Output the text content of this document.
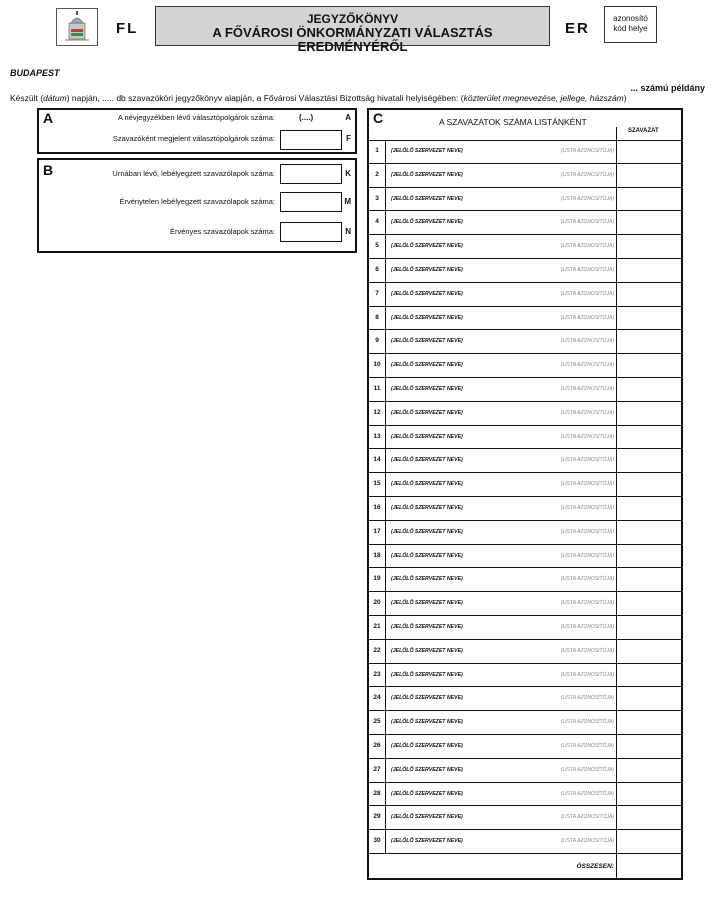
FL
JEGYZŐKÖNYV
A FŐVÁROSI ÖNKORMÁNYZATI VÁLASZTÁS EREDMÉNYÉRŐL
ER
azonosító
kód helye
BUDAPEST
... számú példány
Készült (dátum) napján, ..... db szavazóköri jegyzőkönyv alapján, a Fővárosi Választási Bizottság hivatali helyiségében: (közterület megnevezése, jellege, házszám)
A	A névjegyzékben lévő választópolgárok száma:	(....)	A
Szavazóként megjelent választópolgárok száma:	F
B	Urnában lévő, lebélyegzett szavazólapok száma:	K
Érvénytelen lebélyegzett szavazólapok száma:	M
Érvényes szavazólapok száma:	N
C	A SZAVAZATOK SZÁMA LISTÁNKÉNT
SZAVAZAT
1	(JELÖLŐ SZERVEZET NEVE)	(LISTA AZONOSÍTÓJA)
2	(JELÖLŐ SZERVEZET NEVE)	(LISTA AZONOSÍTÓJA)
3	(JELÖLŐ SZERVEZET NEVE)	(LISTA AZONOSÍTÓJA)
4	(JELÖLŐ SZERVEZET NEVE)	(LISTA AZONOSÍTÓJA)
5	(JELÖLŐ SZERVEZET NEVE)	(LISTA AZONOSÍTÓJA)
6	(JELÖLŐ SZERVEZET NEVE)	(LISTA AZONOSÍTÓJA)
7	(JELÖLŐ SZERVEZET NEVE)	(LISTA AZONOSÍTÓJA)
8	(JELÖLŐ SZERVEZET NEVE)	(LISTA AZONOSÍTÓJA)
9	(JELÖLŐ SZERVEZET NEVE)	(LISTA AZONOSÍTÓJA)
10	(JELÖLŐ SZERVEZET NEVE)	(LISTA AZONOSÍTÓJA)
11	(JELÖLŐ SZERVEZET NEVE)	(LISTA AZONOSÍTÓJA)
12	(JELÖLŐ SZERVEZET NEVE)	(LISTA AZONOSÍTÓJA)
13	(JELÖLŐ SZERVEZET NEVE)	(LISTA AZONOSÍTÓJA)
14	(JELÖLŐ SZERVEZET NEVE)	(LISTA AZONOSÍTÓJA)
15	(JELÖLŐ SZERVEZET NEVE)	(LISTA AZONOSÍTÓJA)
16	(JELÖLŐ SZERVEZET NEVE)	(LISTA AZONOSÍTÓJA)
17	(JELÖLŐ SZERVEZET NEVE)	(LISTA AZONOSÍTÓJA)
18	(JELÖLŐ SZERVEZET NEVE)	(LISTA AZONOSÍTÓJA)
19	(JELÖLŐ SZERVEZET NEVE)	(LISTA AZONOSÍTÓJA)
20	(JELÖLŐ SZERVEZET NEVE)	(LISTA AZONOSÍTÓJA)
21	(JELÖLŐ SZERVEZET NEVE)	(LISTA AZONOSÍTÓJA)
22	(JELÖLŐ SZERVEZET NEVE)	(LISTA AZONOSÍTÓJA)
23	(JELÖLŐ SZERVEZET NEVE)	(LISTA AZONOSÍTÓJA)
24	(JELÖLŐ SZERVEZET NEVE)	(LISTA AZONOSÍTÓJA)
25	(JELÖLŐ SZERVEZET NEVE)	(LISTA AZONOSÍTÓJA)
26	(JELÖLŐ SZERVEZET NEVE)	(LISTA AZONOSÍTÓJA)
27	(JELÖLŐ SZERVEZET NEVE)	(LISTA AZONOSÍTÓJA)
28	(JELÖLŐ SZERVEZET NEVE)	(LISTA AZONOSÍTÓJA)
29	(JELÖLŐ SZERVEZET NEVE)	(LISTA AZONOSÍTÓJA)
30	(JELÖLŐ SZERVEZET NEVE)	(LISTA AZONOSÍTÓJA)
ÖSSZESEN:
